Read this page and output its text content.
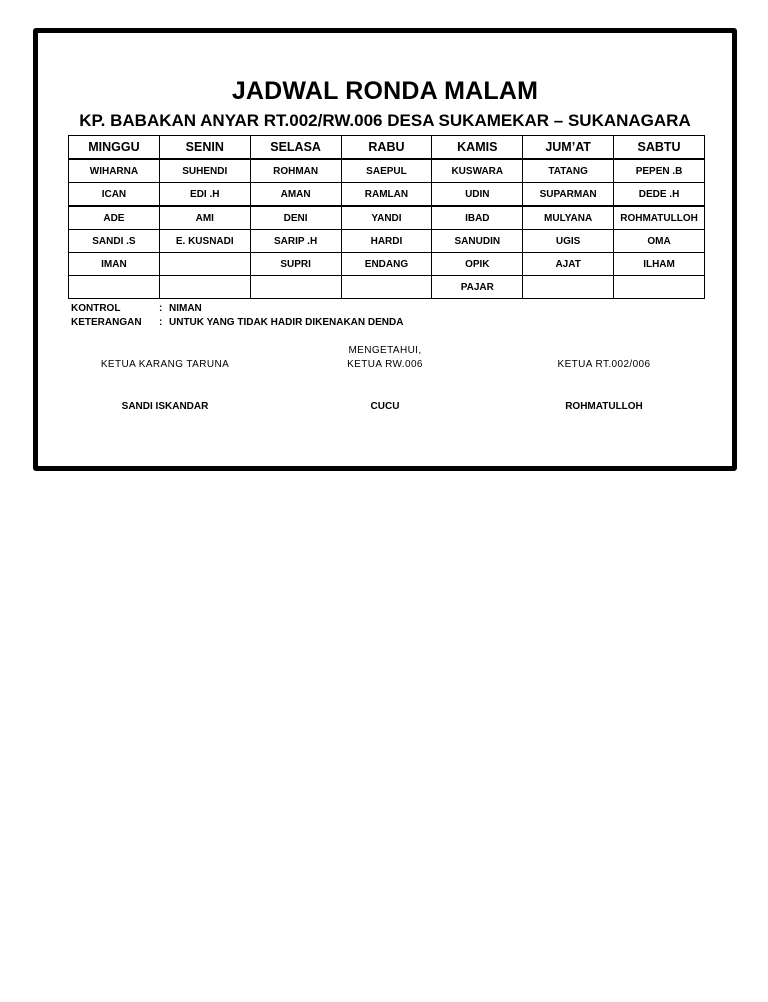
JADWAL RONDA MALAM
KP. BABAKAN ANYAR RT.002/RW.006 DESA SUKAMEKAR – SUKANAGARA
MINGGU	SENIN	SELASA	RABU	KAMIS	JUM’AT	SABTU
WIHARNA	SUHENDI	ROHMAN	SAEPUL	KUSWARA	TATANG	PEPEN .B
ICAN	EDI .H	AMAN	RAMLAN	UDIN	SUPARMAN	DEDE .H
ADE	AMI	DENI	YANDI	IBAD	MULYANA	ROHMATULLOH
SANDI .S	E. KUSNADI	SARIP .H	HARDI	SANUDIN	UGIS	OMA
IMAN		SUPRI	ENDANG	OPIK	AJAT	ILHAM
				PAJAR		
KONTROL	: NIMAN
KETERANGAN : UNTUK YANG TIDAK HADIR DIKENAKAN DENDA
KETUA KARANG TARUNA
SANDI ISKANDAR
MENGETAHUI,
KETUA RW.006
CUCU
KETUA RT.002/006
ROHMATULLOH
